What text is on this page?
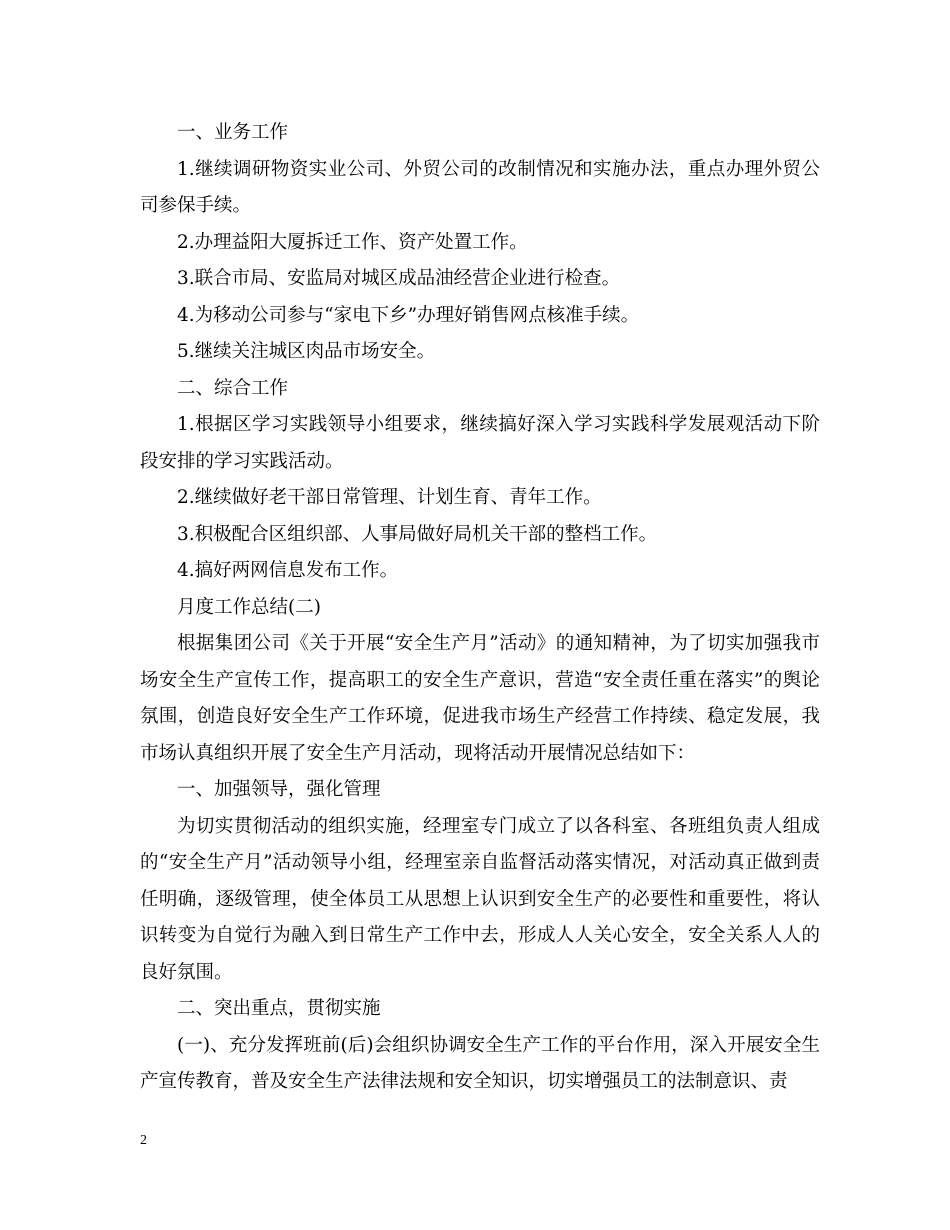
一、业务工作

1.继续调研物资实业公司、外贸公司的改制情况和实施办法，重点办理外贸公司参保手续。

2.办理益阳大厦拆迁工作、资产处置工作。

3.联合市局、安监局对城区成品油经营企业进行检查。

4.为移动公司参与“家电下乡”办理好销售网点核准手续。

5.继续关注城区肉品市场安全。

二、综合工作

1.根据区学习实践领导小组要求，继续搞好深入学习实践科学发展观活动下阶段安排的学习实践活动。

2.继续做好老干部日常管理、计划生育、青年工作。

3.积极配合区组织部、人事局做好局机关干部的整档工作。

4.搞好两网信息发布工作。

月度工作总结(二)

根据集团公司《关于开展“安全生产月”活动》的通知精神，为了切实加强我市场安全生产宣传工作，提高职工的安全生产意识，营造“安全责任重在落实”的舆论氛围，创造良好安全生产工作环境，促进我市场生产经营工作持续、稳定发展，我市场认真组织开展了安全生产月活动，现将活动开展情况总结如下：

一、加强领导，强化管理

为切实贯彻活动的组织实施，经理室专门成立了以各科室、各班组负责人组成的“安全生产月”活动领导小组，经理室亲自监督活动落实情况，对活动真正做到责任明确，逐级管理，使全体员工从思想上认识到安全生产的必要性和重要性，将认识转变为自觉行为融入到日常生产工作中去，形成人人关心安全，安全关系人人的良好氛围。

二、突出重点，贯彻实施

(一)、充分发挥班前(后)会组织协调安全生产工作的平台作用，深入开展安全生产宣传教育，普及安全生产法律法规和安全知识，切实增强员工的法制意识、责

2
